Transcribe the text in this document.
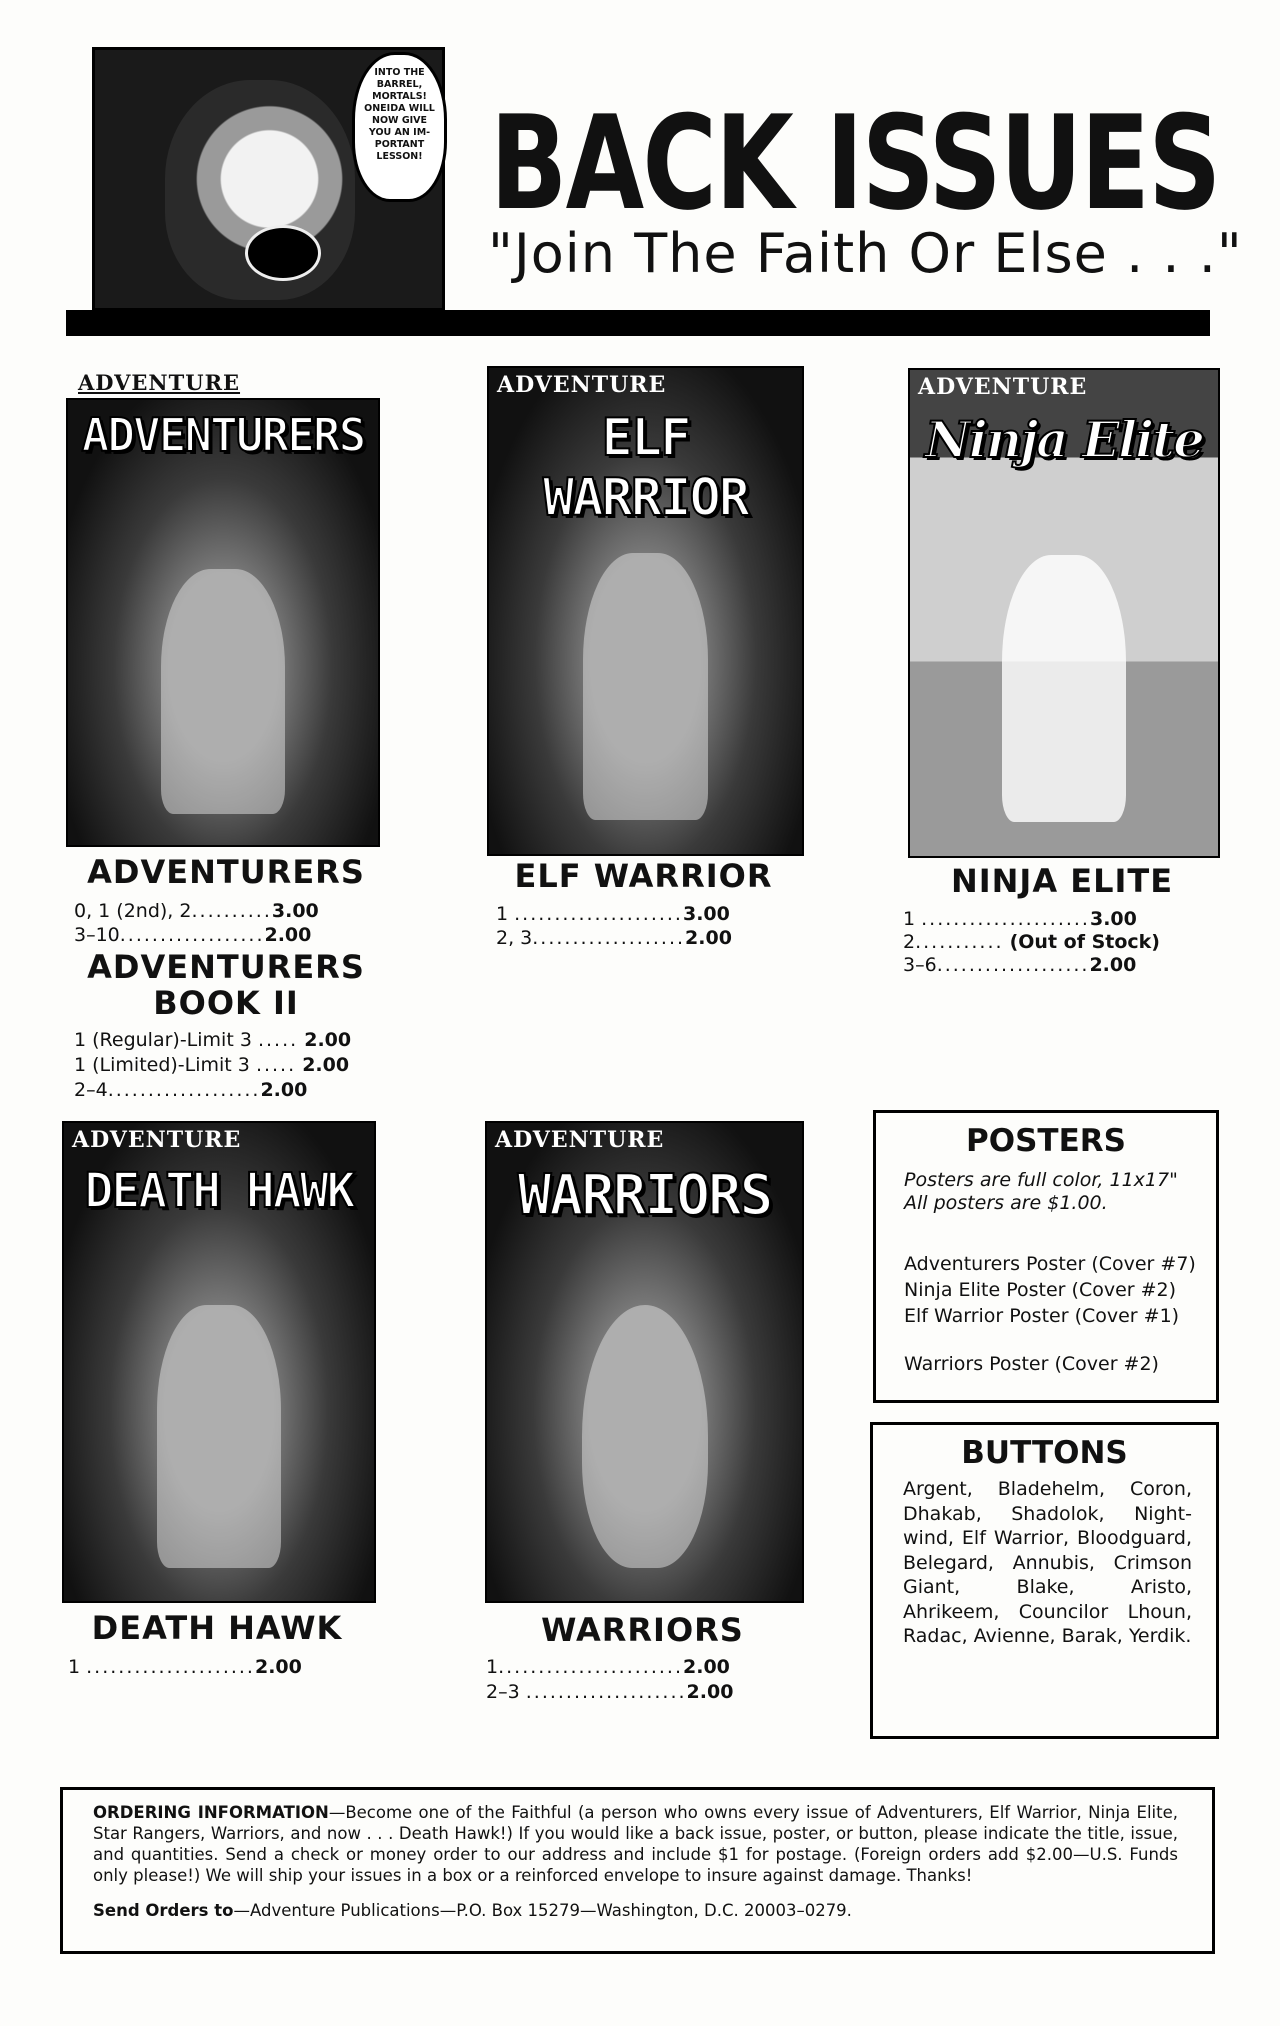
INTO THE
BARREL,
MORTALS!
ONEIDA WILL
NOW GIVE
YOU AN IM-
PORTANT
LESSON! BACK ISSUES
"Join The Faith Or Else . . ."
ADVENTURE
ADVENTURERS
ADVENTURE
ELF WARRIOR
ADVENTURE
Ninja Elite
ADVENTURERS
0, 1 (2nd), 2..........3.00
3–10..................2.00
ADVENTURERS
BOOK II
1 (Regular)-Limit 3 ..... 2.00
1 (Limited)-Limit 3 ..... 2.00
2–4...................2.00
ELF WARRIOR
1 .....................3.00
2, 3...................2.00
NINJA ELITE
1 .....................3.00
2........... (Out of Stock)
3–6...................2.00
ADVENTURE
DEATH HAWK
ADVENTURE
WARRIORS
DEATH HAWK
1 .....................2.00
WARRIORS
1.......................2.00
2–3 ....................2.00
POSTERS
Posters are full color, 11x17"
All posters are $1.00.
Adventurers Poster (Cover #7)
Ninja Elite Poster (Cover #2)
Elf Warrior Poster (Cover #1)
Warriors Poster (Cover #2)
BUTTONS
Argent, Bladehelm, Coron, Dhakab, Shadolok, Night-wind, Elf Warrior, Bloodguard, Belegard, Annubis, Crimson Giant, Blake, Aristo, Ahrikeem, Councilor Lhoun, Radac, Avienne, Barak, Yerdik.
ORDERING INFORMATION—Become one of the Faithful (a person who owns every issue of Adventurers, Elf Warrior, Ninja Elite, Star Rangers, Warriors, and now . . . Death Hawk!) If you would like a back issue, poster, or button, please indicate the title, issue, and quantities. Send a check or money order to our address and include $1 for postage. (Foreign orders add $2.00—U.S. Funds only please!) We will ship your issues in a box or a reinforced envelope to insure against damage. Thanks!
Send Orders to—Adventure Publications—P.O. Box 15279—Washington, D.C. 20003–0279.
